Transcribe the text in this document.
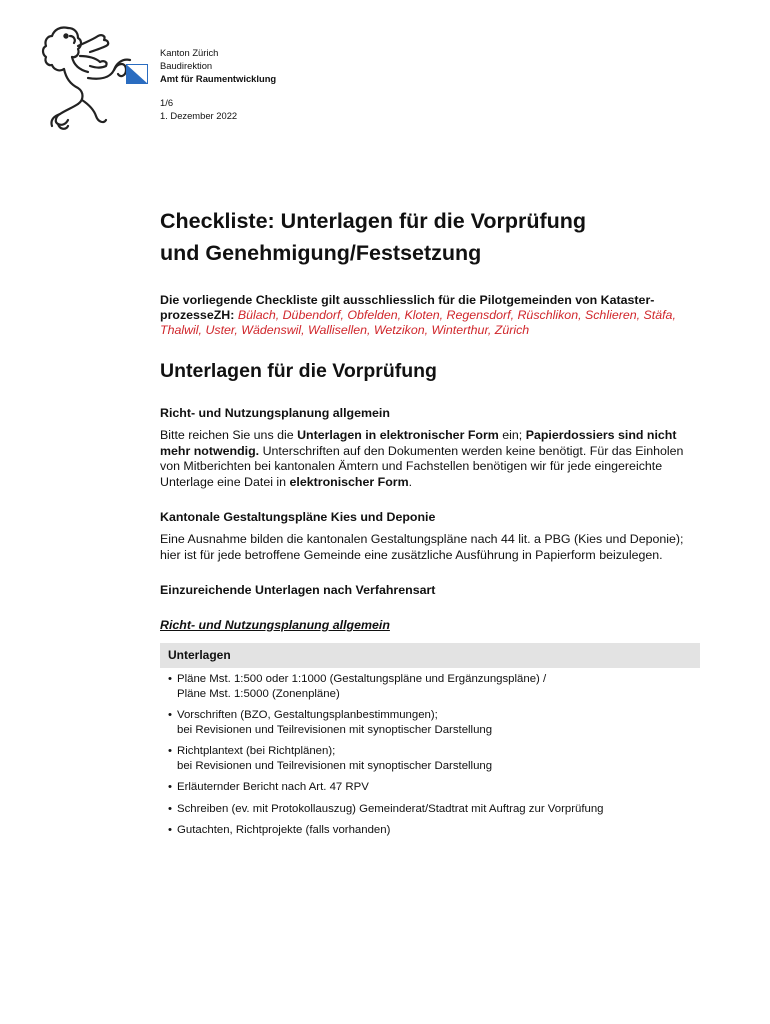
Kanton Zürich
Baudirektion
Amt für Raumentwicklung
1/6
1. Dezember 2022
Checkliste: Unterlagen für die Vorprüfung
und Genehmigung/Festsetzung
Die vorliegende Checkliste gilt ausschliesslich für die Pilotgemeinden von Kataster-prozesseZH: Bülach, Dübendorf, Obfelden, Kloten, Regensdorf, Rüschlikon, Schlieren, Stäfa, Thalwil, Uster, Wädenswil, Wallisellen, Wetzikon, Winterthur, Zürich
Unterlagen für die Vorprüfung
Richt- und Nutzungsplanung allgemein

Bitte reichen Sie uns die Unterlagen in elektronischer Form ein; Papierdossiers sind nicht mehr notwendig. Unterschriften auf den Dokumenten werden keine benötigt. Für das Einholen von Mitberichten bei kantonalen Ämtern und Fachstellen benötigen wir für jede eingereichte Unterlage eine Datei in elektronischer Form.

Kantonale Gestaltungspläne Kies und Deponie

Eine Ausnahme bilden die kantonalen Gestaltungspläne nach 44 lit. a PBG (Kies und Deponie); hier ist für jede betroffene Gemeinde eine zusätzliche Ausführung in Papierform beizulegen.

Einzureichende Unterlagen nach Verfahrensart
Richt- und Nutzungsplanung allgemein
Unterlagen
• Pläne Mst. 1:500 oder 1:1000 (Gestaltungspläne und Ergänzungspläne) /
Pläne Mst. 1:5000 (Zonenpläne)
• Vorschriften (BZO, Gestaltungsplanbestimmungen);
bei Revisionen und Teilrevisionen mit synoptischer Darstellung
• Richtplantext (bei Richtplänen);
bei Revisionen und Teilrevisionen mit synoptischer Darstellung
• Erläuternder Bericht nach Art. 47 RPV
• Schreiben (ev. mit Protokollauszug) Gemeinderat/Stadtrat mit Auftrag zur Vorprüfung
• Gutachten, Richtprojekte (falls vorhanden)
